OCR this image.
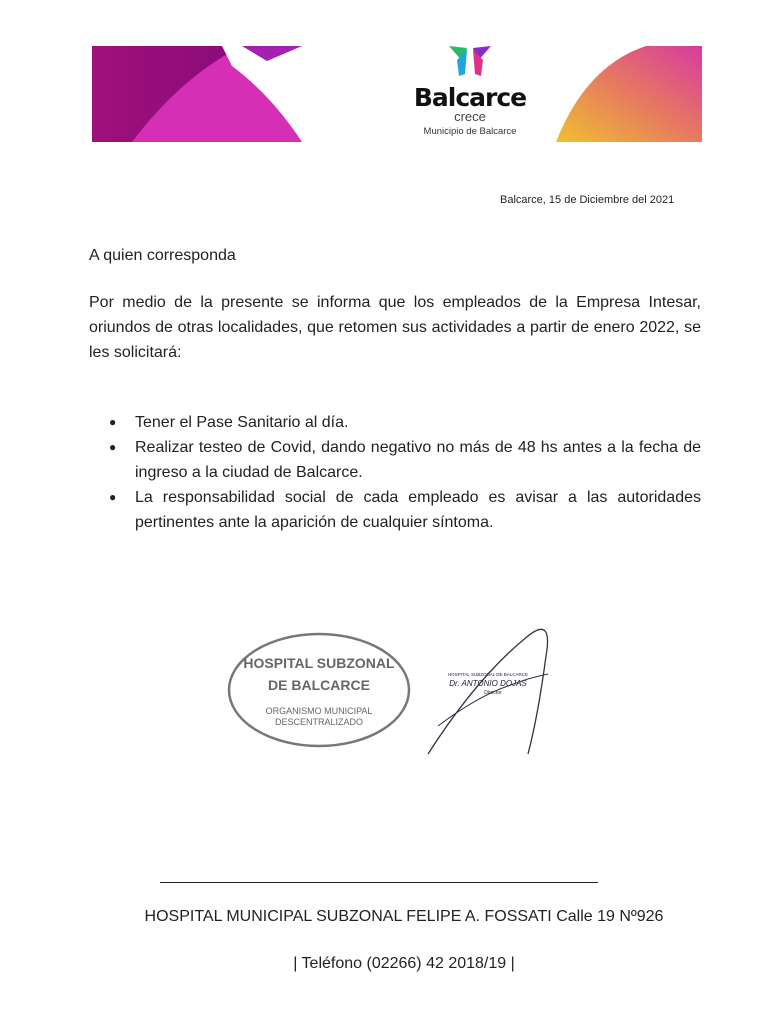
Balcarce
crece
Municipio de Balcarce
Balcarce, 15 de Diciembre del 2021
A quien corresponda
Por medio de la presente se informa que los empleados de la Empresa Intesar, oriundos de otras localidades, que retomen sus actividades a partir de enero 2022, se les solicitará:
● Tener el Pase Sanitario al día.
● Realizar testeo de Covid, dando negativo no más de 48 hs antes a la fecha de ingreso a la ciudad de Balcarce.
● La responsabilidad social de cada empleado es avisar a las autoridades pertinentes ante la aparición de cualquier síntoma.
HOSPITAL SUBZONAL
DE BALCARCE
ORGANISMO MUNICIPAL
DESCENTRALIZADO
HOSPITAL SUBZONAL DE BALCARCE
Dr. ANTONIO DOJAS
Director
HOSPITAL MUNICIPAL SUBZONAL FELIPE A. FOSSATI Calle 19 Nº926
| Teléfono (02266) 42 2018/19 |
